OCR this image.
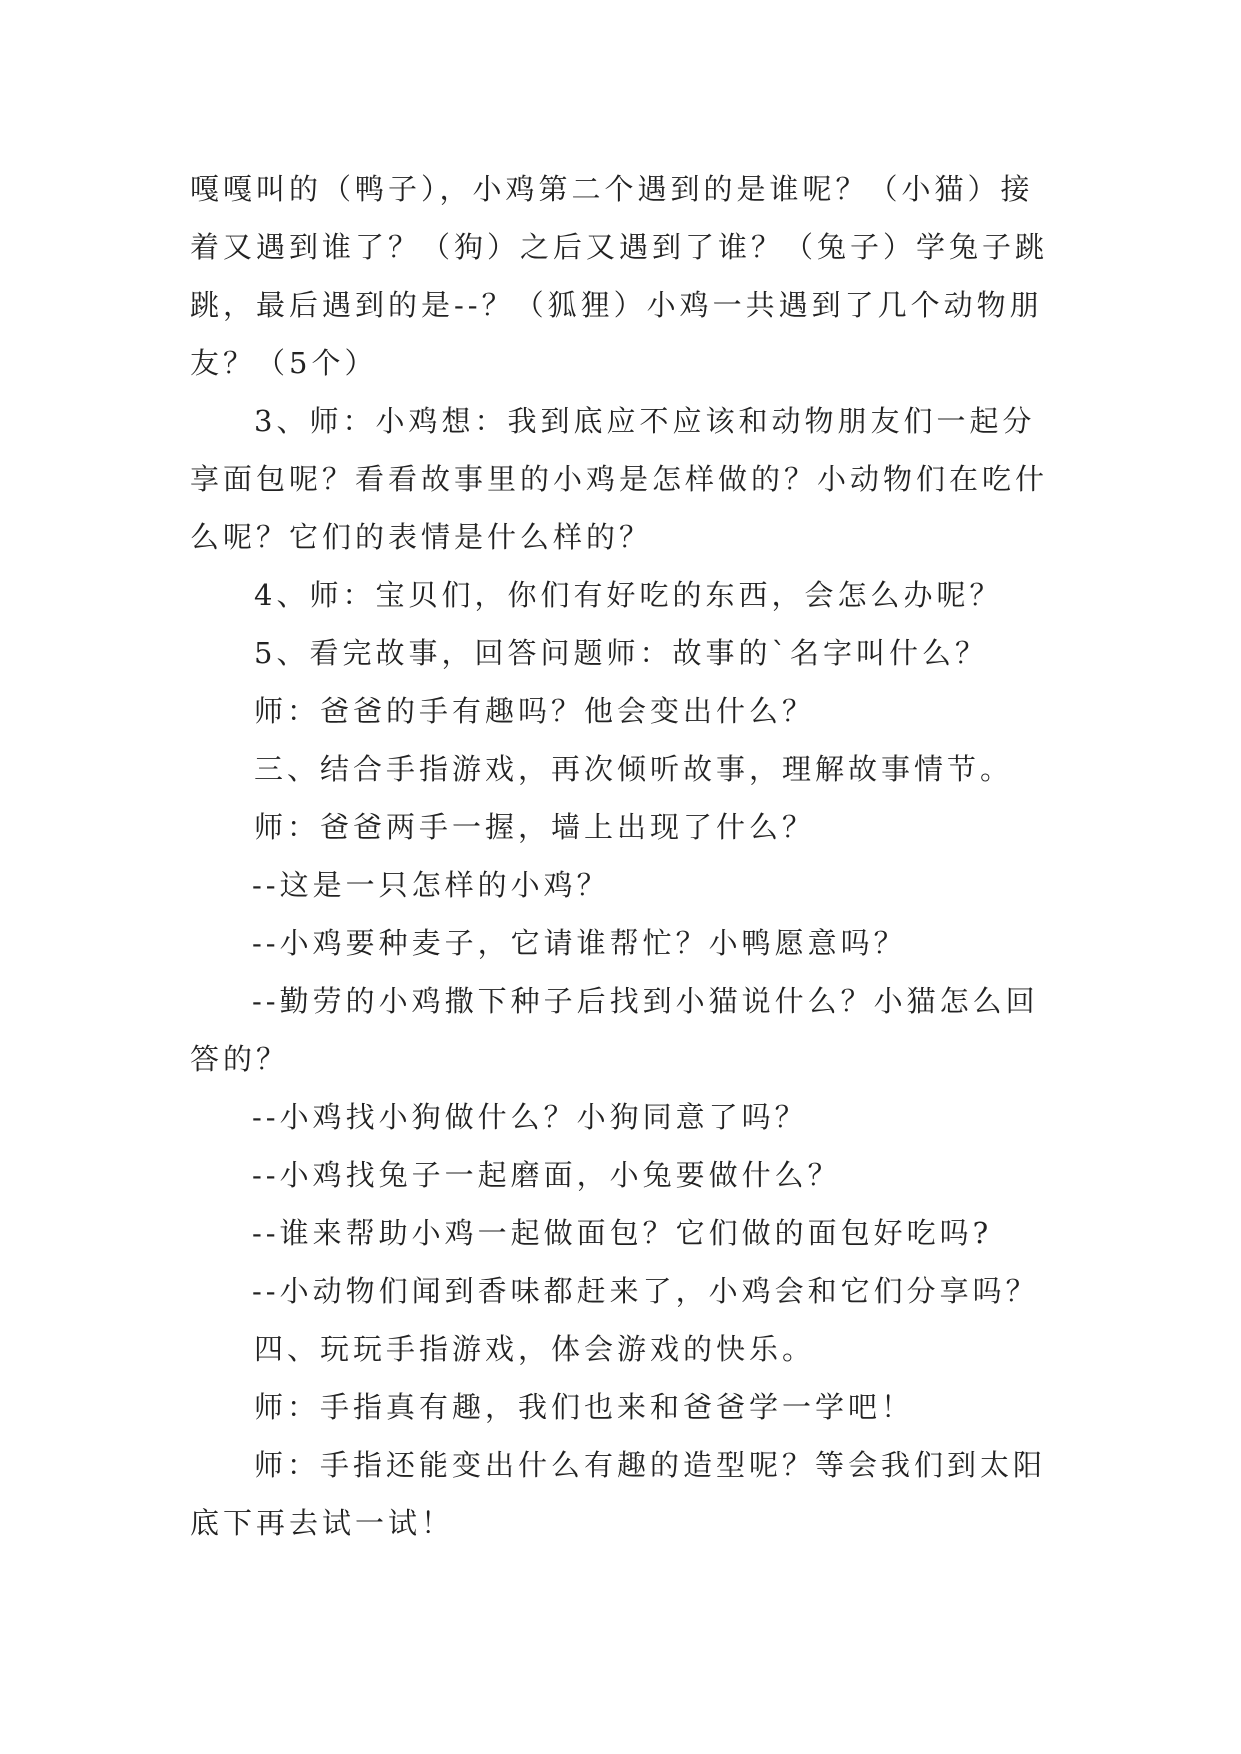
嘎嘎叫的（鸭子），小鸡第二个遇到的是谁呢？（小猫）接着又遇到谁了？（狗）之后又遇到了谁？（兔子）学兔子跳跳，最后遇到的是--？（狐狸）小鸡一共遇到了几个动物朋友？（5个）

3、师：小鸡想：我到底应不应该和动物朋友们一起分享面包呢？看看故事里的小鸡是怎样做的？小动物们在吃什么呢？它们的表情是什么样的？

4、师：宝贝们，你们有好吃的东西，会怎么办呢？

5、看完故事，回答问题师：故事的`名字叫什么？

师：爸爸的手有趣吗？他会变出什么？

三、结合手指游戏，再次倾听故事，理解故事情节。

师：爸爸两手一握，墙上出现了什么？

--这是一只怎样的小鸡？

--小鸡要种麦子，它请谁帮忙？小鸭愿意吗？

--勤劳的小鸡撒下种子后找到小猫说什么？小猫怎么回答的？

--小鸡找小狗做什么？小狗同意了吗？

--小鸡找兔子一起磨面，小兔要做什么？

--谁来帮助小鸡一起做面包？它们做的面包好吃吗?

--小动物们闻到香味都赶来了，小鸡会和它们分享吗？

四、玩玩手指游戏，体会游戏的快乐。

师：手指真有趣，我们也来和爸爸学一学吧！

师：手指还能变出什么有趣的造型呢？等会我们到太阳底下再去试一试！
